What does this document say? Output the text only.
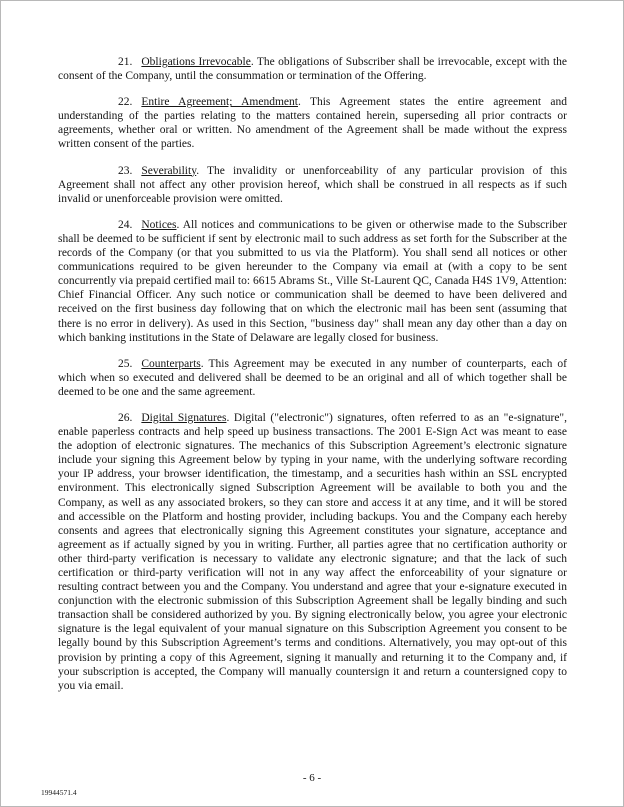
21. Obligations Irrevocable. The obligations of Subscriber shall be irrevocable, except with the consent of the Company, until the consummation or termination of the Offering.

22. Entire Agreement; Amendment. This Agreement states the entire agreement and understanding of the parties relating to the matters contained herein, superseding all prior contracts or agreements, whether oral or written. No amendment of the Agreement shall be made without the express written consent of the parties.

23. Severability. The invalidity or unenforceability of any particular provision of this Agreement shall not affect any other provision hereof, which shall be construed in all respects as if such invalid or unenforceable provision were omitted.

24. Notices. All notices and communications to be given or otherwise made to the Subscriber shall be deemed to be sufficient if sent by electronic mail to such address as set forth for the Subscriber at the records of the Company (or that you submitted to us via the Platform). You shall send all notices or other communications required to be given hereunder to the Company via email at (with a copy to be sent concurrently via prepaid certified mail to: 6615 Abrams St., Ville St-Laurent QC, Canada H4S 1V9, Attention: Chief Financial Officer. Any such notice or communication shall be deemed to have been delivered and received on the first business day following that on which the electronic mail has been sent (assuming that there is no error in delivery). As used in this Section, "business day" shall mean any day other than a day on which banking institutions in the State of Delaware are legally closed for business.

25. Counterparts. This Agreement may be executed in any number of counterparts, each of which when so executed and delivered shall be deemed to be an original and all of which together shall be deemed to be one and the same agreement.

26. Digital Signatures. Digital ("electronic") signatures, often referred to as an "e-signature", enable paperless contracts and help speed up business transactions. The 2001 E-Sign Act was meant to ease the adoption of electronic signatures. The mechanics of this Subscription Agreement’s electronic signature include your signing this Agreement below by typing in your name, with the underlying software recording your IP address, your browser identification, the timestamp, and a securities hash within an SSL encrypted environment. This electronically signed Subscription Agreement will be available to both you and the Company, as well as any associated brokers, so they can store and access it at any time, and it will be stored and accessible on the Platform and hosting provider, including backups. You and the Company each hereby consents and agrees that electronically signing this Agreement constitutes your signature, acceptance and agreement as if actually signed by you in writing. Further, all parties agree that no certification authority or other third-party verification is necessary to validate any electronic signature; and that the lack of such certification or third-party verification will not in any way affect the enforceability of your signature or resulting contract between you and the Company. You understand and agree that your e-signature executed in conjunction with the electronic submission of this Subscription Agreement shall be legally binding and such transaction shall be considered authorized by you. By signing electronically below, you agree your electronic signature is the legal equivalent of your manual signature on this Subscription Agreement you consent to be legally bound by this Subscription Agreement’s terms and conditions. Alternatively, you may opt-out of this provision by printing a copy of this Agreement, signing it manually and returning it to the Company and, if your subscription is accepted, the Company will manually countersign it and return a countersigned copy to you via email.

- 6 -
19944571.4
